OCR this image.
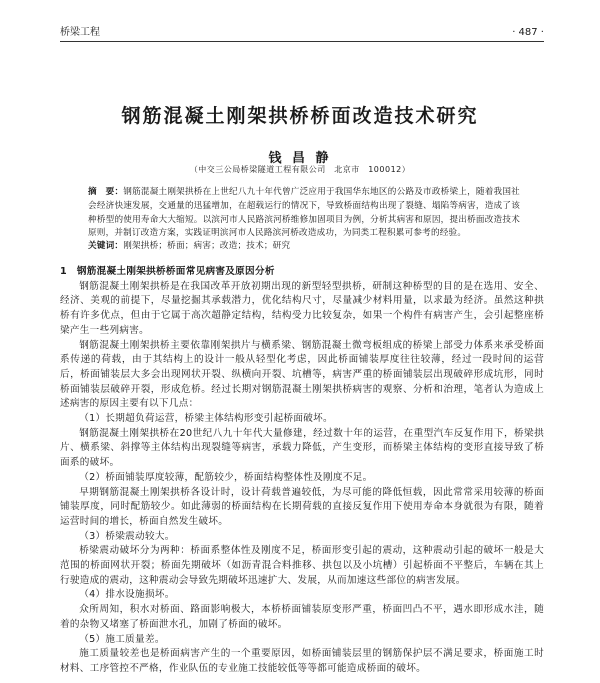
桥梁工程	· 487 ·
钢筋混凝土刚架拱桥桥面改造技术研究
钱 昌 静
（中交三公局桥梁隧道工程有限公司　北京市　100012）
摘　要：钢筋混凝土刚架拱桥在上世纪八九十年代曾广泛应用于我国华东地区的公路及市政桥梁上，随着我国社会经济快速发展，交通量的迅猛增加，在超载运行的情况下，导致桥面结构出现了裂缝、塌陷等病害，造成了该种桥型的使用寿命大大缩短。以滨河市人民路滨河桥维修加固项目为例，分析其病害和原因，提出桥面改造技术原则，并制订改造方案，实践证明滨河市人民路滨河桥改造成功，为同类工程积累可参考的经验。
关键词：刚架拱桥；桥面；病害；改造；技术；研究
1　钢筋混凝土刚架拱桥桥面常见病害及原因分析

钢筋混凝土刚架拱桥是在我国改革开放初期出现的新型轻型拱桥，研制这种桥型的目的是在选用、安全、经济、美观的前提下，尽量挖掘其承载潜力，优化结构尺寸，尽量减少材料用量，以求最为经济。虽然这种拱桥有许多优点，但由于它属于高次超静定结构，结构受力比较复杂，如果一个构件有病害产生，会引起整座桥梁产生一些列病害。

钢筋混凝土刚架拱桥主要依靠刚架拱片与横系梁、钢筋混凝土微弯板组成的桥梁上部受力体系来承受桥面系传递的荷载，由于其结构上的设计一般从轻型化考虑，因此桥面铺装厚度往往较薄，经过一段时间的运营后，桥面铺装层大多会出现网状开裂、纵横向开裂、坑槽等，病害严重的桥面铺装层出现破碎形成坑形，同时桥面铺装层破碎开裂，形成危桥。经过长期对钢筋混凝土刚架拱桥病害的观察、分析和治理，笔者认为造成上述病害的原因主要有以下几点：

（1）长期超负荷运营，桥梁主体结构形变引起桥面破坏。

钢筋混凝土刚架拱桥在20世纪八九十年代大量修建，经过数十年的运营，在重型汽车反复作用下，桥梁拱片、横系梁、斜撑等主体结构出现裂缝等病害，承载力降低，产生变形，而桥梁主体结构的变形直接导致了桥面系的破坏。

（2）桥面铺装厚度较薄，配筋较少，桥面结构整体性及刚度不足。

早期钢筋混凝土刚架拱桥各设计时，设计荷载普遍较低，为尽可能的降低恒载，因此常常采用较薄的桥面铺装厚度，同时配筋较少。如此薄弱的桥面结构在长期荷载的直接反复作用下使用寿命本身就很为有限，随着运营时间的增长，桥面自然发生破坏。

（3）桥梁震动较大。

桥梁震动破坏分为两种：桥面系整体性及刚度不足，桥面形变引起的震动，这种震动引起的破坏一般是大范围的桥面网状开裂；桥面先期破坏（如沥青混合料推移、拱包以及小坑槽）引起桥面不平整后，车辆在其上行驶造成的震动，这种震动会导致先期破坏迅速扩大、发展，从而加速这些部位的病害发展。

（4）排水设施损坏。

众所周知，积水对桥面、路面影响极大，本桥桥面铺装原变形严重，桥面凹凸不平，遇水即形成水洼，随着的杂物又堵塞了桥面泄水孔，加剧了桥面的破坏。

（5）施工质量差。

施工质量较差也是桥面病害产生的一个重要原因，如桥面铺装层里的钢筋保护层不满足要求，桥面施工时材料、工序管控不严格，作业队伍的专业施工技能较低等等都可能造成桥面的破坏。
